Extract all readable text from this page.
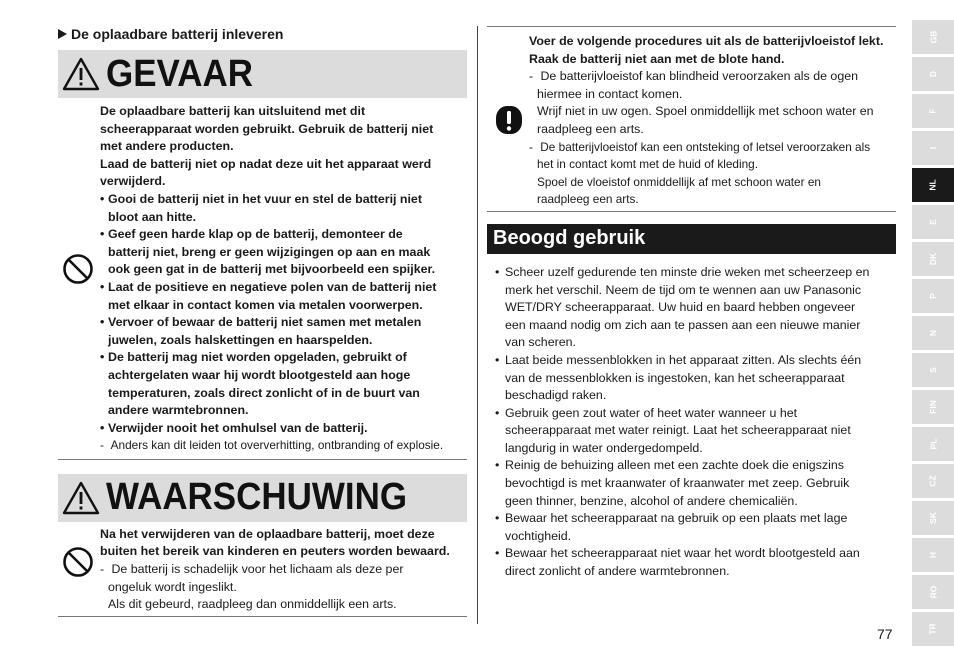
De oplaadbare batterij inleveren
GEVAAR
De oplaadbare batterij kan uitsluitend met dit
scheerapparaat worden gebruikt. Gebruik de batterij niet
met andere producten.
Laad de batterij niet op nadat deze uit het apparaat werd
verwijderd.
• Gooi de batterij niet in het vuur en stel de batterij niet
bloot aan hitte.
• Geef geen harde klap op de batterij, demonteer de
batterij niet, breng er geen wijzigingen op aan en maak
ook geen gat in de batterij met bijvoorbeeld een spijker.
• Laat de positieve en negatieve polen van de batterij niet
met elkaar in contact komen via metalen voorwerpen.
• Vervoer of bewaar de batterij niet samen met metalen
juwelen, zoals halskettingen en haarspelden.
• De batterij mag niet worden opgeladen, gebruikt of
achtergelaten waar hij wordt blootgesteld aan hoge
temperaturen, zoals direct zonlicht of in de buurt van
andere warmtebronnen.
• Verwijder nooit het omhulsel van de batterij.
- Anders kan dit leiden tot oververhitting, ontbranding of explosie.
WAARSCHUWING
Na het verwijderen van de oplaadbare batterij, moet deze
buiten het bereik van kinderen en peuters worden bewaard.
- De batterij is schadelijk voor het lichaam als deze per
ongeluk wordt ingeslikt.
Als dit gebeurd, raadpleeg dan onmiddellijk een arts.
Voer de volgende procedures uit als de batterijvloeistof lekt. Raak de batterij niet aan met de blote hand.
- De batterijvloeistof kan blindheid veroorzaken als de ogen
hiermee in contact komen.
Wrijf niet in uw ogen. Spoel onmiddellijk met schoon water en
raadpleeg een arts.
- De batterijvloeistof kan een ontsteking of letsel veroorzaken als
het in contact komt met de huid of kleding.
Spoel de vloeistof onmiddellijk af met schoon water en
raadpleeg een arts.
Beoogd gebruik
• Scheer uzelf gedurende ten minste drie weken met scheerzeep en
merk het verschil. Neem de tijd om te wennen aan uw Panasonic
WET/DRY scheerapparaat. Uw huid en baard hebben ongeveer
een maand nodig om zich aan te passen aan een nieuwe manier
van scheren.
• Laat beide messenblokken in het apparaat zitten. Als slechts één
van de messenblokken is ingestoken, kan het scheerapparaat
beschadigd raken.
• Gebruik geen zout water of heet water wanneer u het
scheerapparaat met water reinigt. Laat het scheerapparaat niet
langdurig in water ondergedompeld.
• Reinig de behuizing alleen met een zachte doek die enigszins
bevochtigd is met kraanwater of kraanwater met zeep. Gebruik
geen thinner, benzine, alcohol of andere chemicaliën.
• Bewaar het scheerapparaat na gebruik op een plaats met lage
vochtigheid.
• Bewaar het scheerapparaat niet waar het wordt blootgesteld aan
direct zonlicht of andere warmtebronnen.
GB
D
F
I
NL
E
DK
P
N
S
FIN
PL
CZ
SK
H
RO
TR
77
